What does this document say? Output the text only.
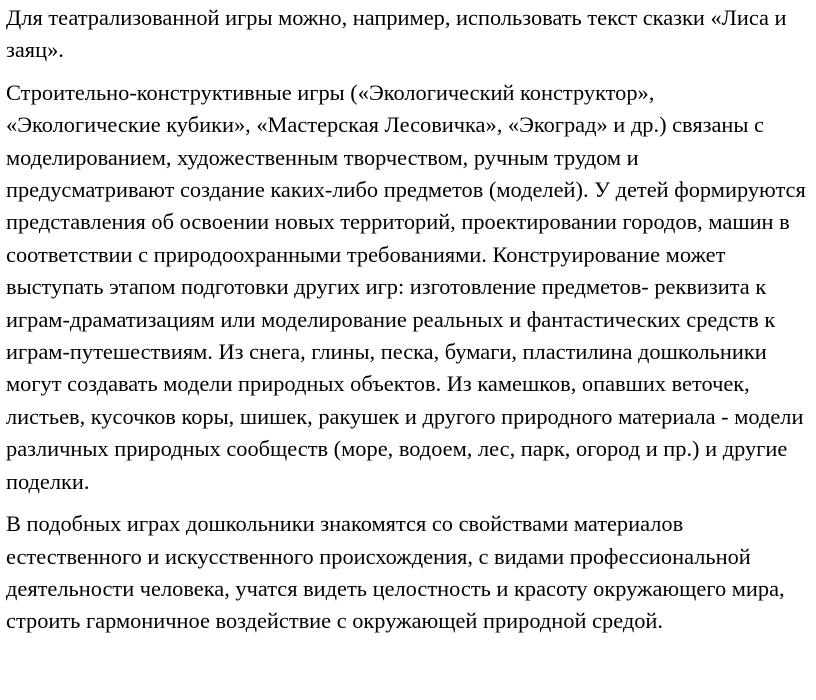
Для театрализованной игры можно, например, использовать текст сказки «Лиса и заяц».

Строительно-конструктивные игры («Экологический конструктор», «Экологические кубики», «Мастерская Лесовичка», «Экоград» и др.) связаны с моделированием, художественным творчеством, ручным трудом и предусматривают создание каких-либо предметов (моделей). У детей формируются представления об освоении новых территорий, проектировании городов, машин в соответствии с природоохранными требованиями. Конструирование может выступать этапом подготовки других игр: изготовление предметов- реквизита к играм-драматизациям или моделирование реальных и фантастических средств к играм-путешествиям. Из снега, глины, песка, бумаги, пластилина дошкольники могут создавать модели природных объектов. Из камешков, опавших веточек, листьев, кусочков коры, шишек, ракушек и другого природного материала - модели различных природных сообществ (море, водоем, лес, парк, огород и пр.) и другие поделки.

В подобных играх дошкольники знакомятся со свойствами материалов естественного и искусственного происхождения, с видами профессиональной деятельности человека, учатся видеть целостность и красоту окружающего мира, строить гармоничное воздействие с окружающей природной средой.
